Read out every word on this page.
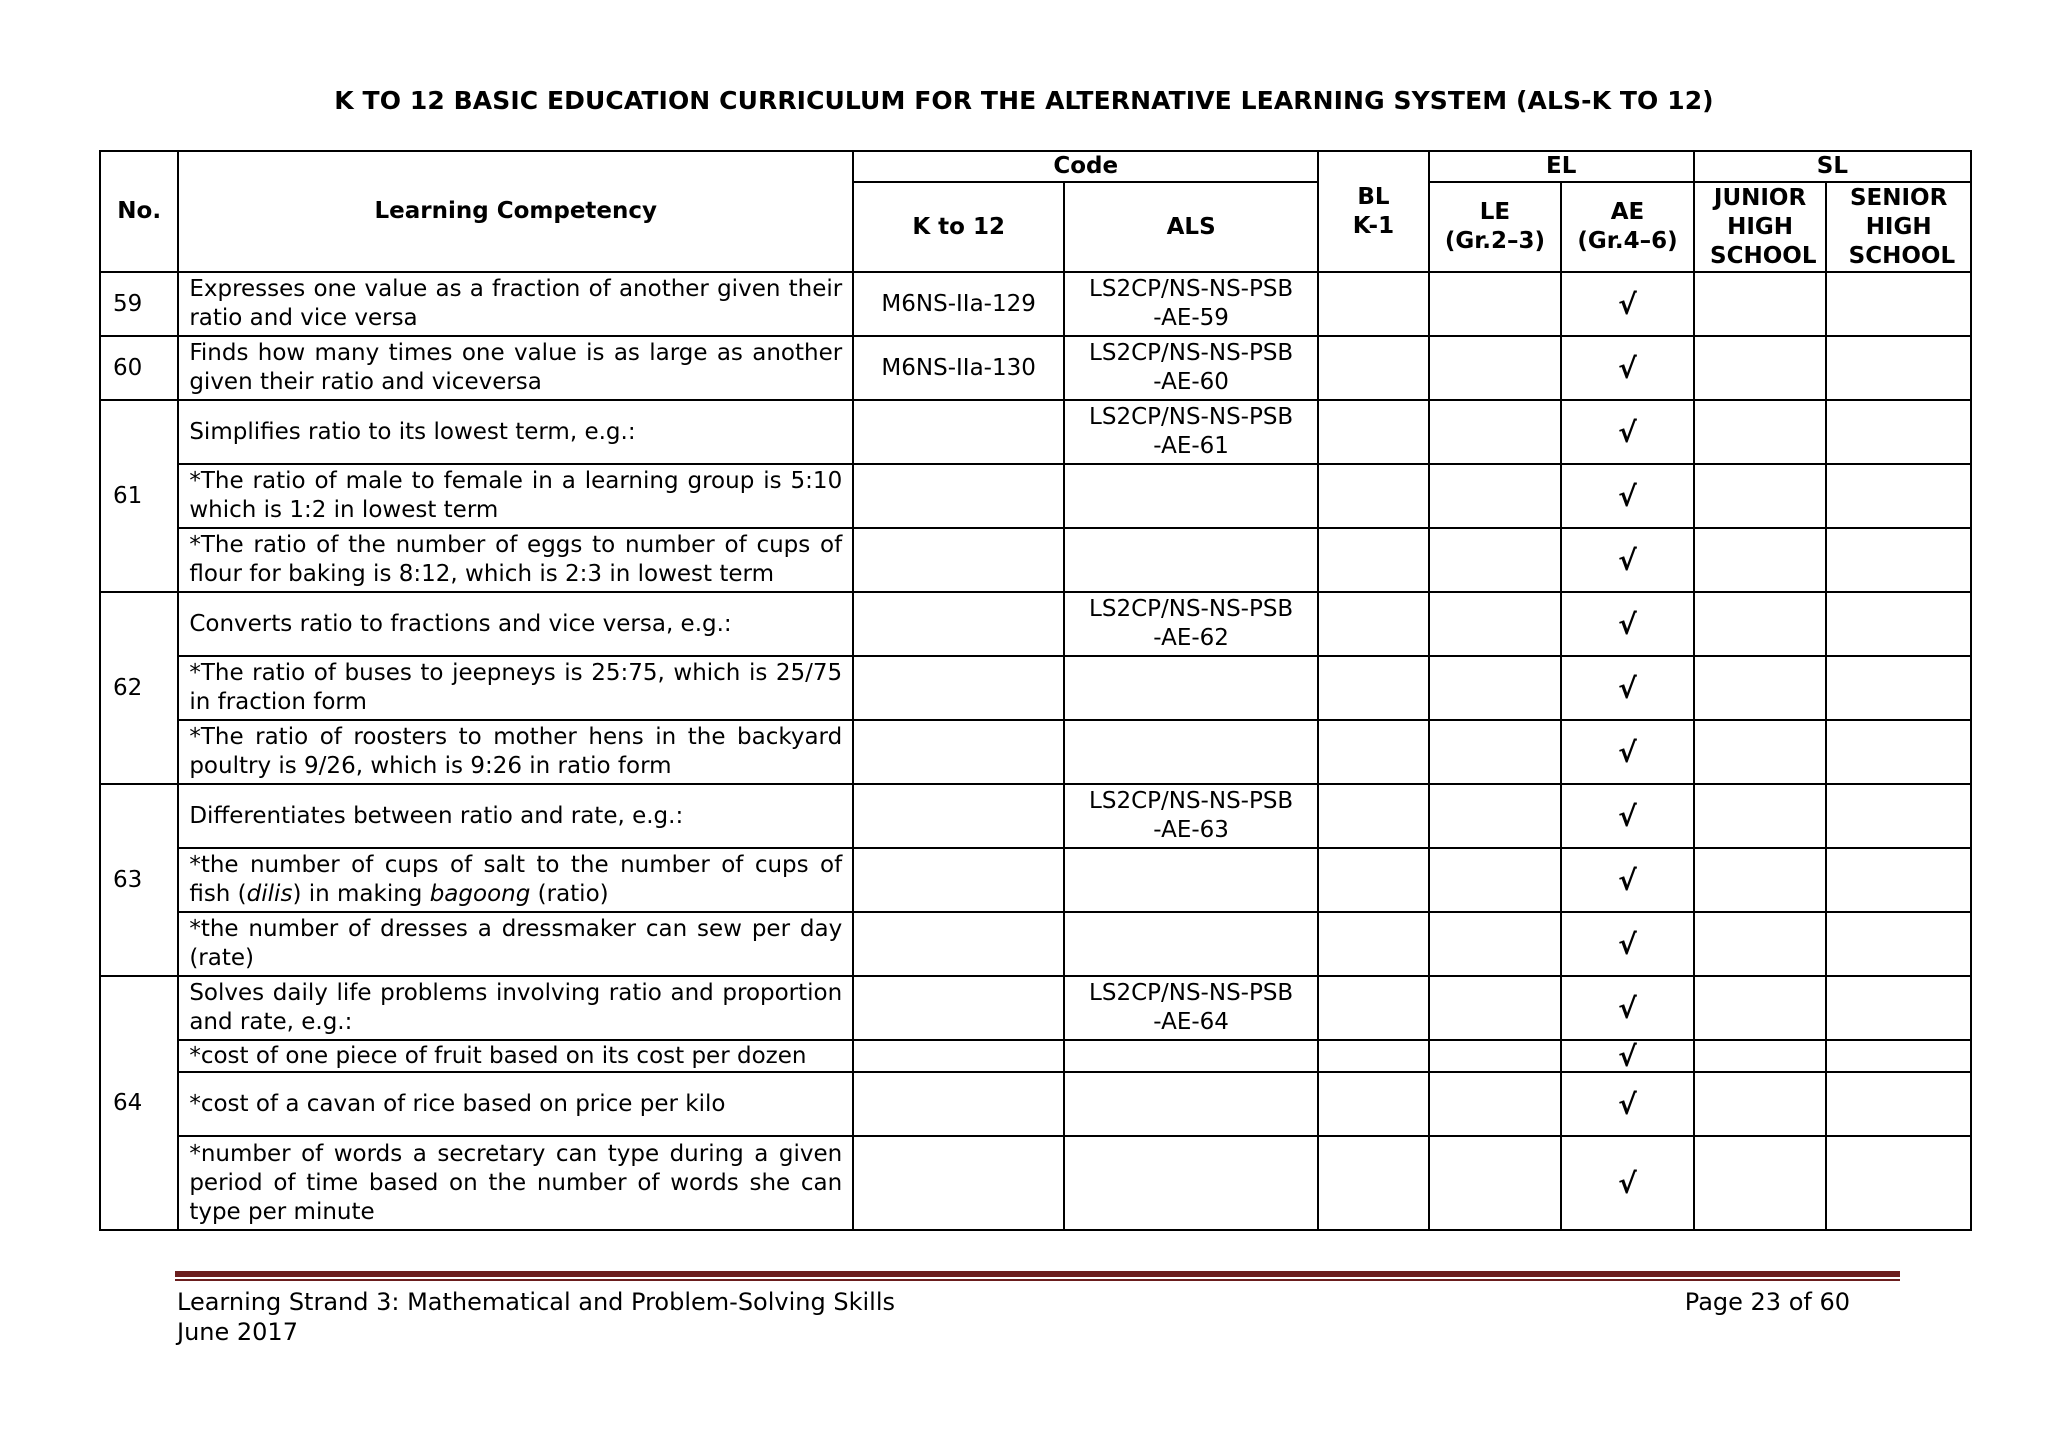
K TO 12 BASIC EDUCATION CURRICULUM FOR THE ALTERNATIVE LEARNING SYSTEM (ALS-K TO 12)
No.	Learning Competency	Code		BL K-1	EL		SL	
		K to 12	ALS		LE (Gr.2–3)	AE (Gr.4–6)	JUNIOR HIGH SCHOOL	SENIOR HIGH SCHOOL
59	Expresses one value as a fraction of another given their ratio and vice versa	M6NS-IIa-129	LS2CP/NS-NS-PSB-AE-59			√		
60	Finds how many times one value is as large as another given their ratio and viceversa	M6NS-IIa-130	LS2CP/NS-NS-PSB-AE-60			√		
61	Simplifies ratio to its lowest term, e.g.:		LS2CP/NS-NS-PSB-AE-61			√		
	*The ratio of male to female in a learning group is 5:10 which is 1:2 in lowest term					√		
	*The ratio of the number of eggs to number of cups of flour for baking is 8:12, which is 2:3 in lowest term					√		
62	Converts ratio to fractions and vice versa, e.g.:		LS2CP/NS-NS-PSB-AE-62			√		
	*The ratio of buses to jeepneys is 25:75, which is 25/75 in fraction form					√		
	*The ratio of roosters to mother hens in the backyard poultry is 9/26, which is 9:26 in ratio form					√		
63	Differentiates between ratio and rate, e.g.:		LS2CP/NS-NS-PSB-AE-63			√		

	*the number of cups of salt to the number of cups of fish (dilis) in making bagoong (ratio)					√		
	*the number of dresses a dressmaker can sew per day (rate)					√		
64	Solves daily life problems involving ratio and proportion and rate, e.g.:		LS2CP/NS-NS-PSB-AE-64			√		
	*cost of one piece of fruit based on its cost per dozen					√		
	*cost of a cavan of rice based on price per kilo					√		
	*number of words a secretary can type during a given period of time based on the number of words she can type per minute					√		
Learning Strand 3: Mathematical and Problem-Solving Skills
June 2017
Page 23 of 60
